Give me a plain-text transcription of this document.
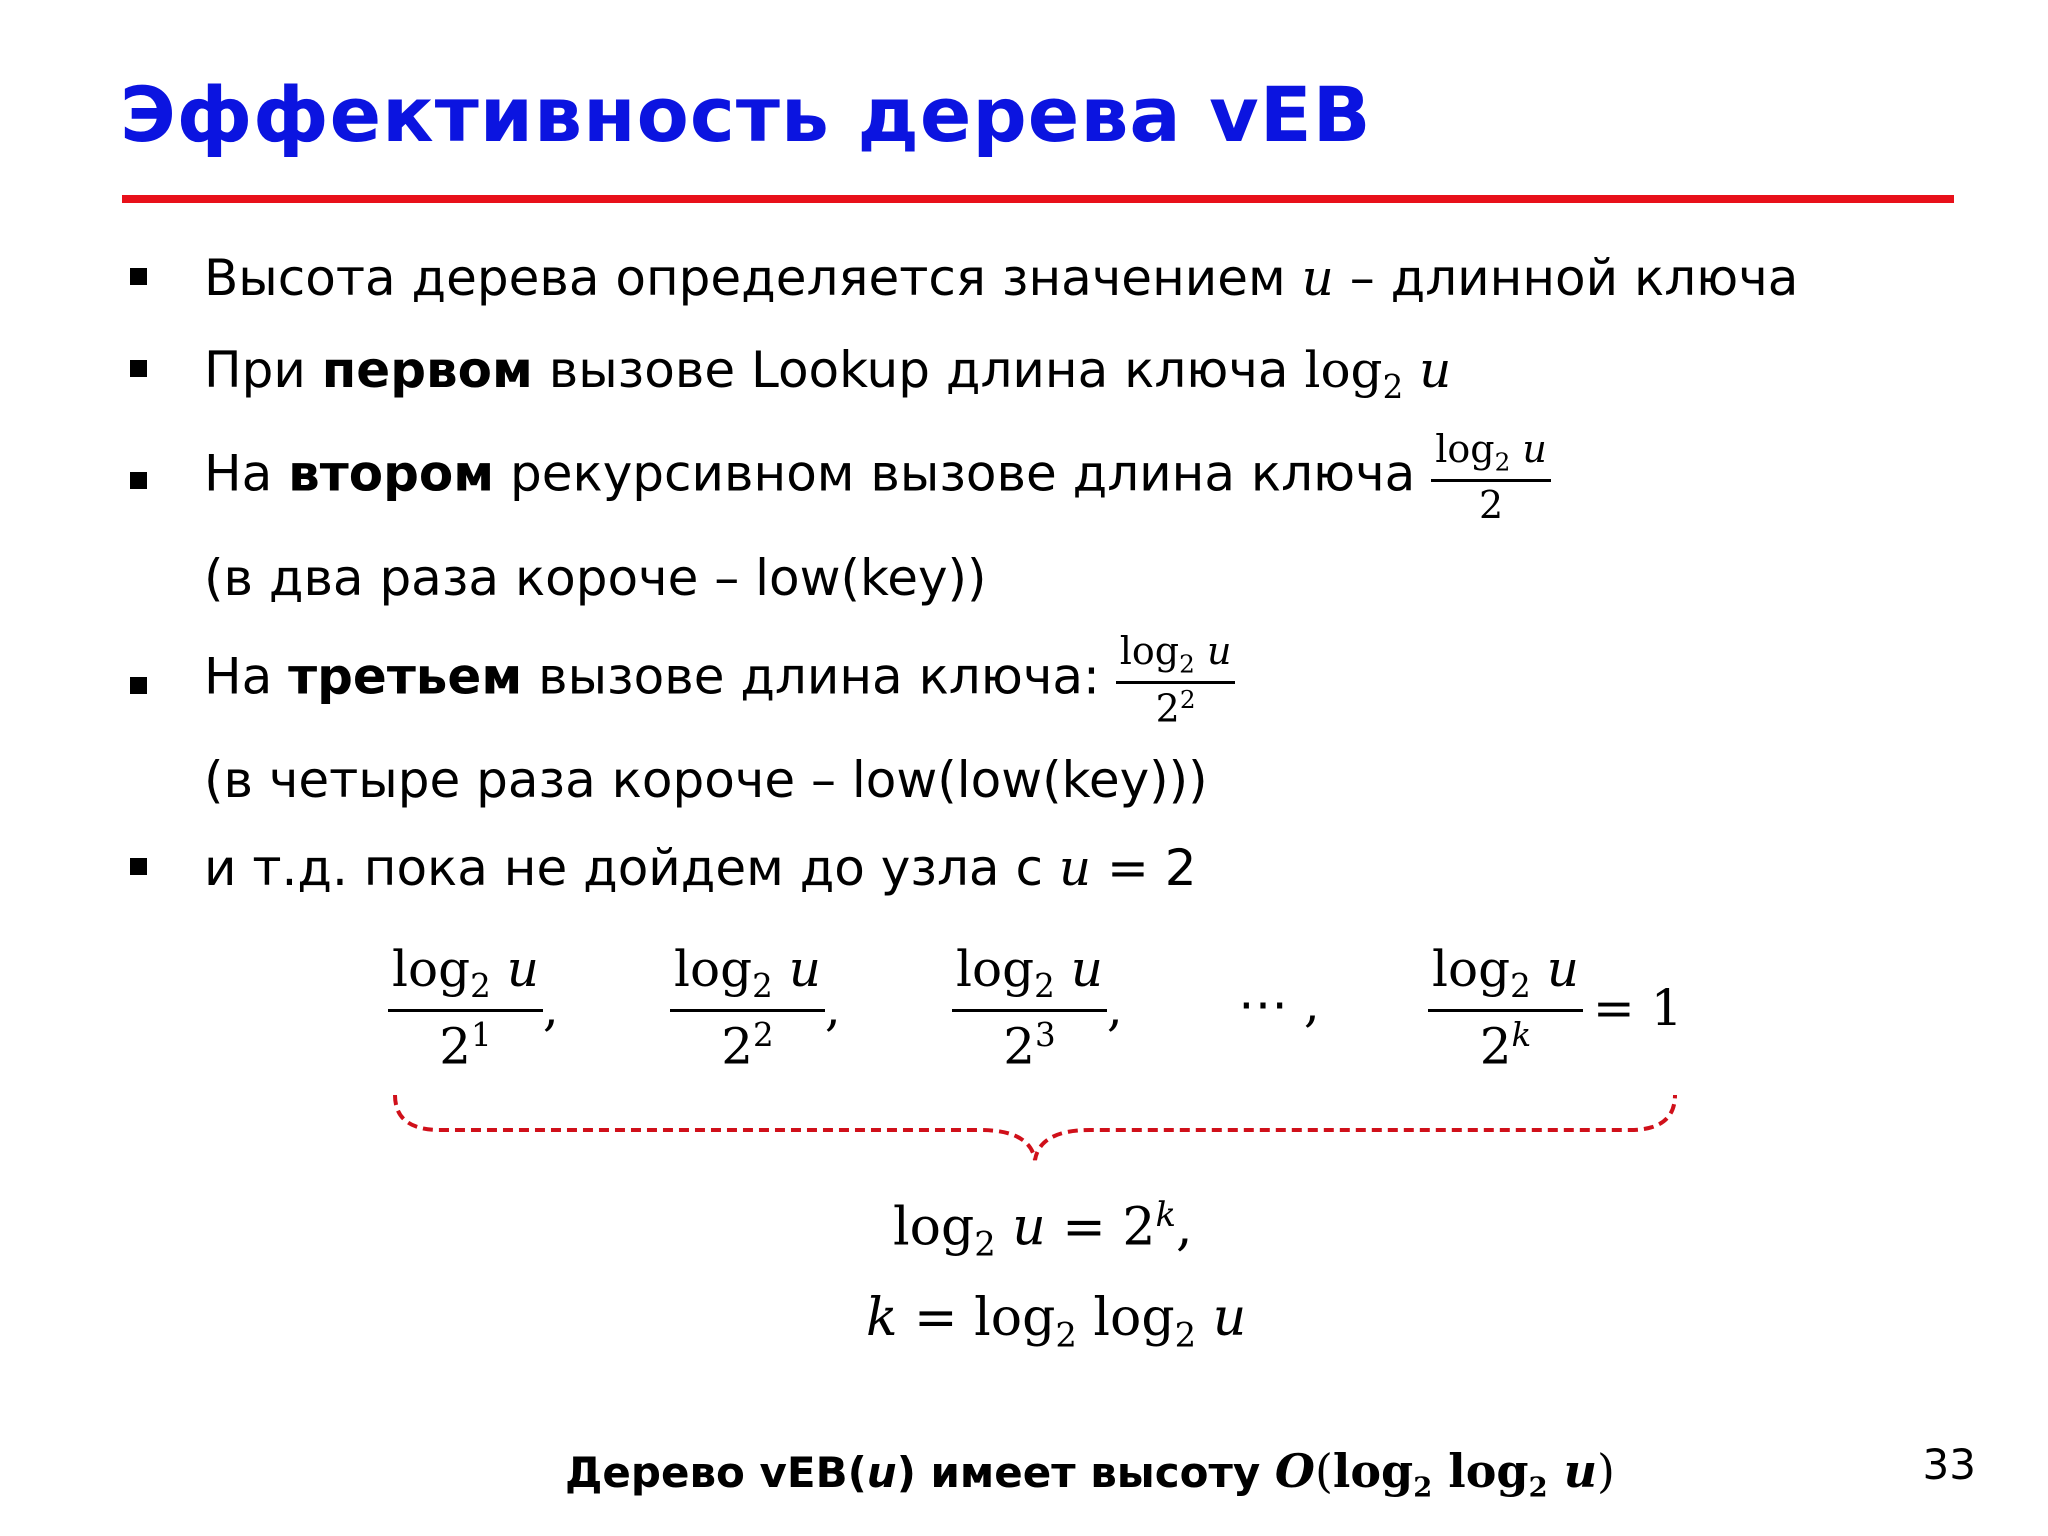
Эффективность дерева vEB
Высота дерева определяется значением u – длинной ключа
При первом вызове Lookup длина ключа $\log_2 u$
На втором рекурсивном вызове длина ключа $\frac{\log_2 u}{2}$
(в два раза короче – low(key))
На третьем вызове длина ключа: $\frac{\log_2 u}{2^2}$
(в четыре раза короче – low(low(key)))
и т.д. пока не дойдем до узла с u = 2
$\frac{\log_2 u}{2^1}$ , $\frac{\log_2 u}{2^2}$ , $\frac{\log_2 u}{2^3}$ , ⋯ , $\frac{\log_2 u}{2^k} = 1$
$\log_2 u = 2^k$,
$k = \log_2 \log_2 u$
Дерево vEB(u) имеет высоту $O(\log_2$ $\log_2 u$)	33
